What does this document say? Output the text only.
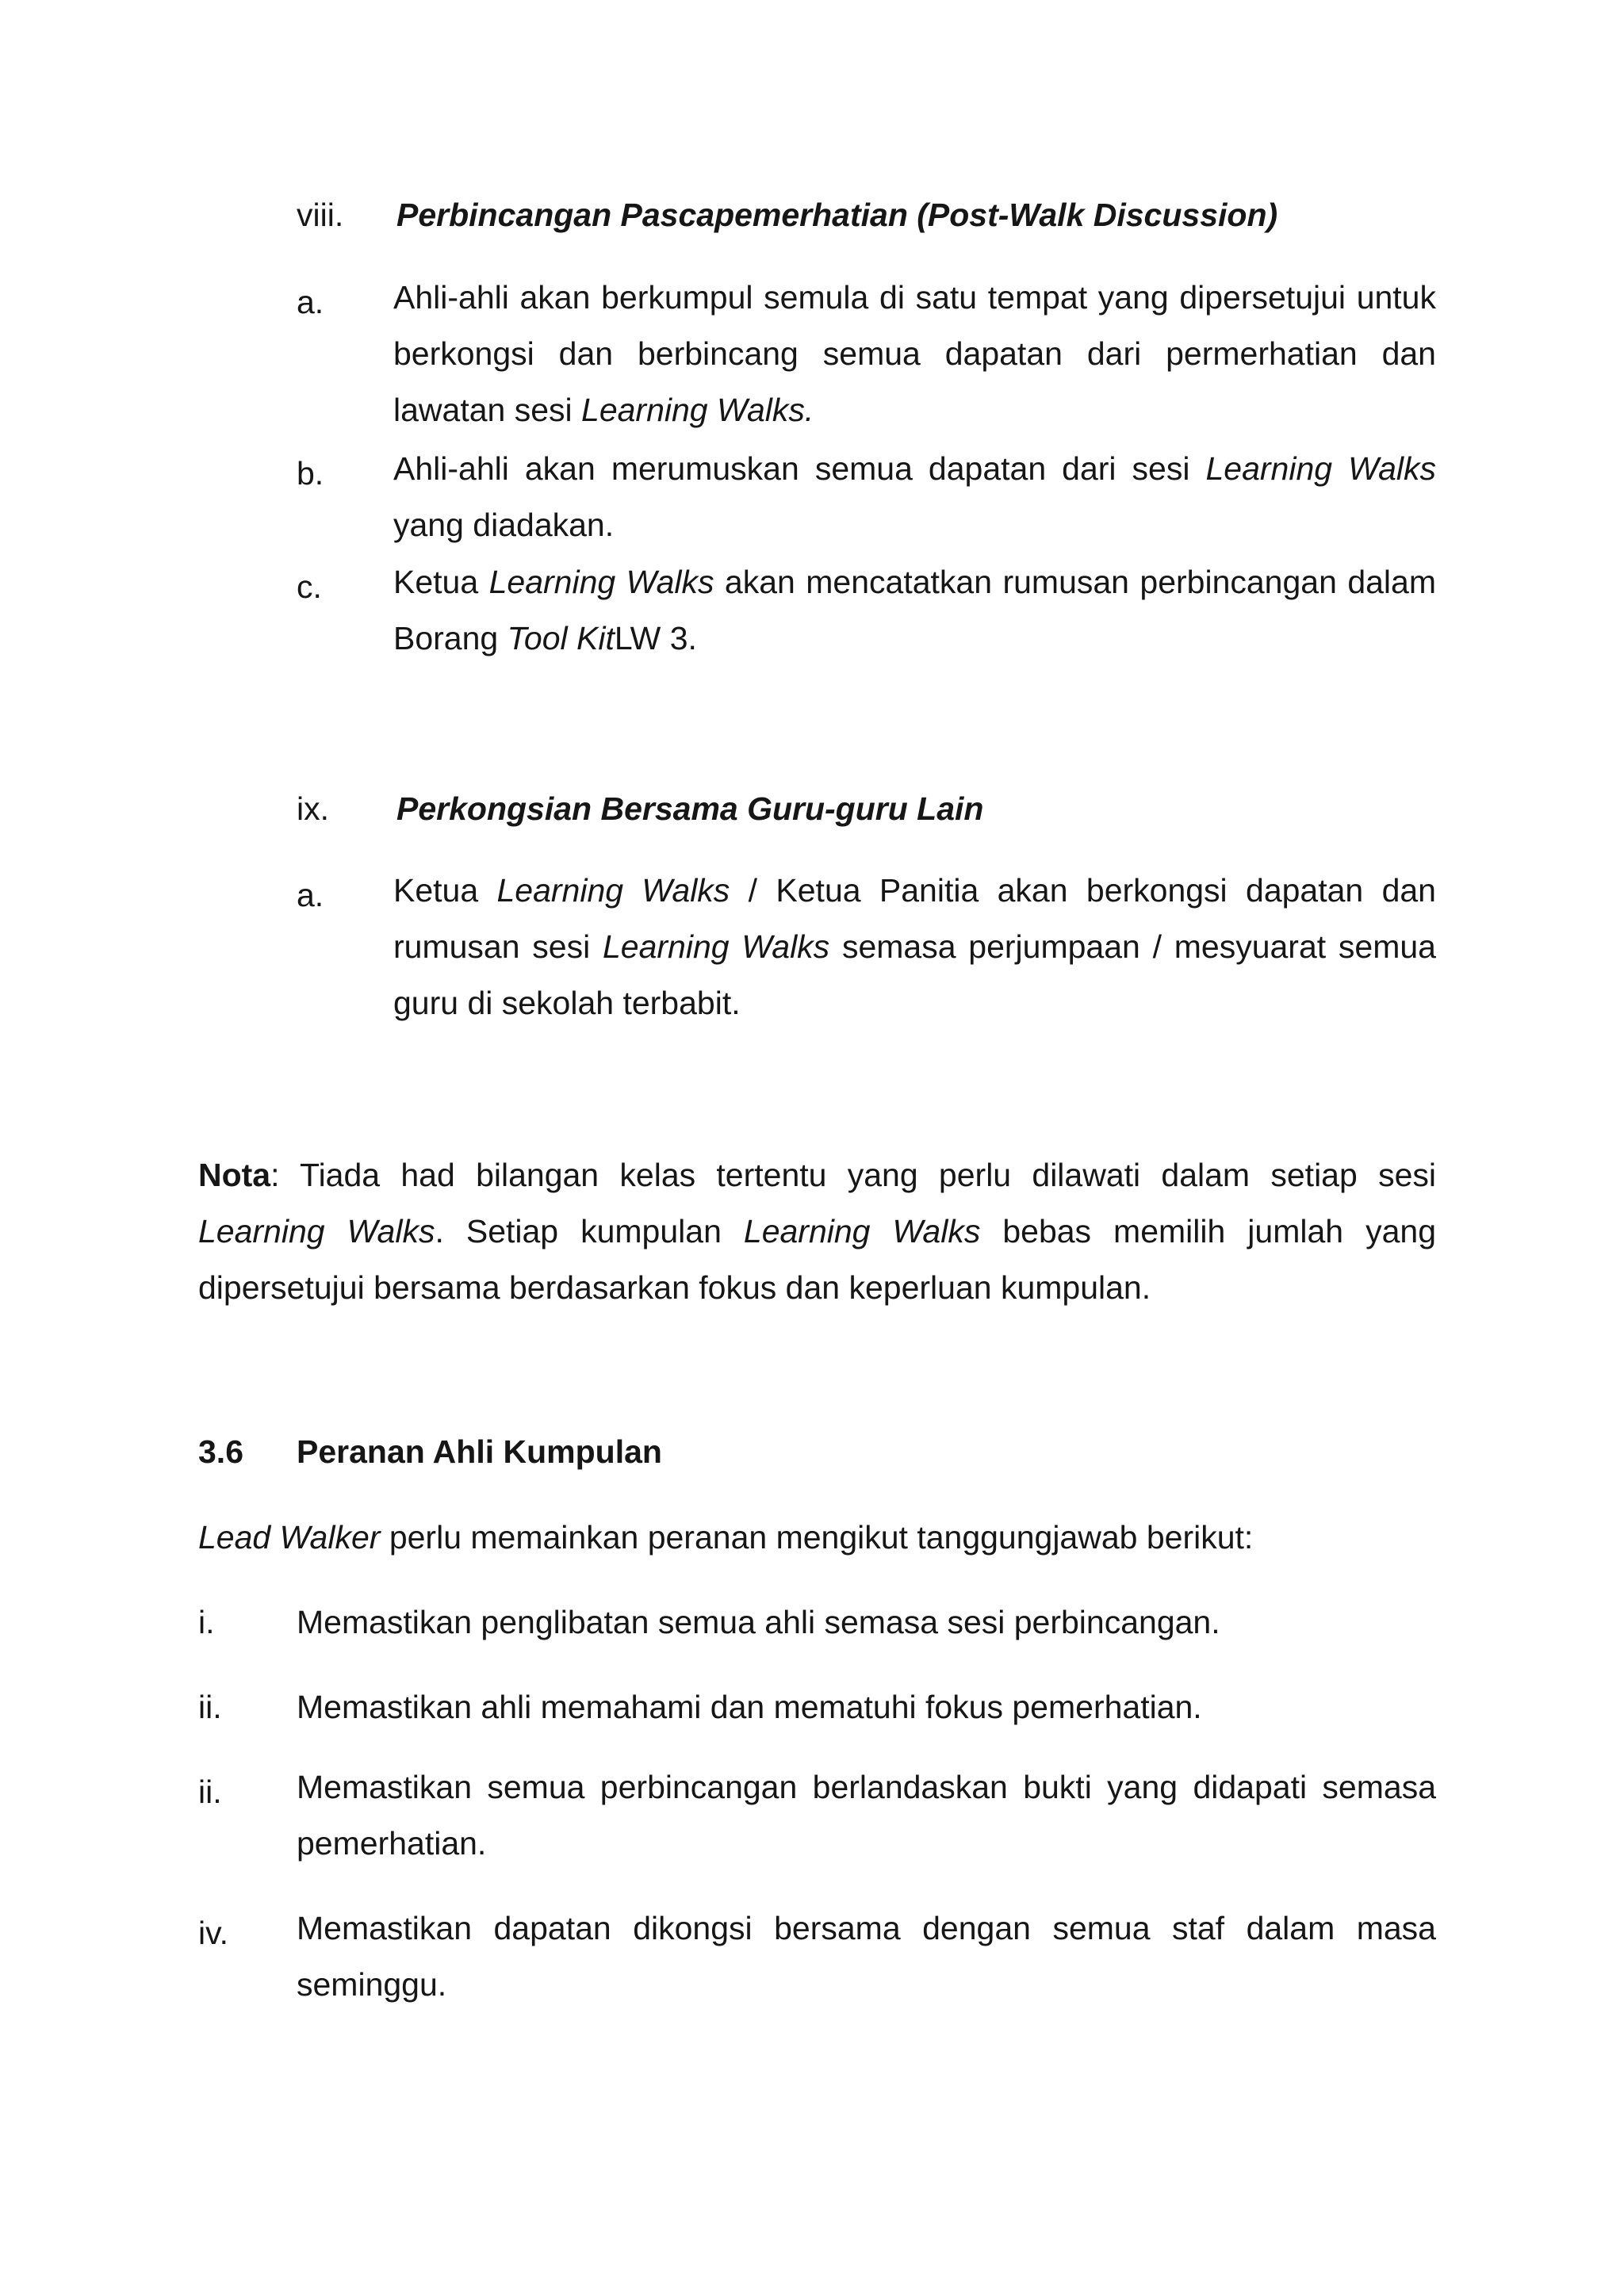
viii. Perbincangan Pascapemerhatian (Post-Walk Discussion)
a. Ahli-ahli akan berkumpul semula di satu tempat yang dipersetujui untuk berkongsi dan berbincang semua dapatan dari permerhatian dan lawatan sesi Learning Walks.
b. Ahli-ahli akan merumuskan semua dapatan dari sesi Learning Walks yang diadakan.
c. Ketua Learning Walks akan mencatatkan rumusan perbincangan dalam Borang Tool KitLW 3.
ix. Perkongsian Bersama Guru-guru Lain
a. Ketua Learning Walks / Ketua Panitia akan berkongsi dapatan dan rumusan sesi Learning Walks semasa perjumpaan / mesyuarat semua guru di sekolah terbabit.
Nota: Tiada had bilangan kelas tertentu yang perlu dilawati dalam setiap sesi Learning Walks. Setiap kumpulan Learning Walks bebas memilih jumlah yang dipersetujui bersama berdasarkan fokus dan keperluan kumpulan.
3.6 Peranan Ahli Kumpulan
Lead Walker perlu memainkan peranan mengikut tanggungjawab berikut:
i.	Memastikan penglibatan semua ahli semasa sesi perbincangan.
ii. Memastikan ahli memahami dan mematuhi fokus pemerhatian.
ii. Memastikan semua perbincangan berlandaskan bukti yang didapati semasa pemerhatian.
iv. Memastikan dapatan dikongsi bersama dengan semua staf dalam masa seminggu.
